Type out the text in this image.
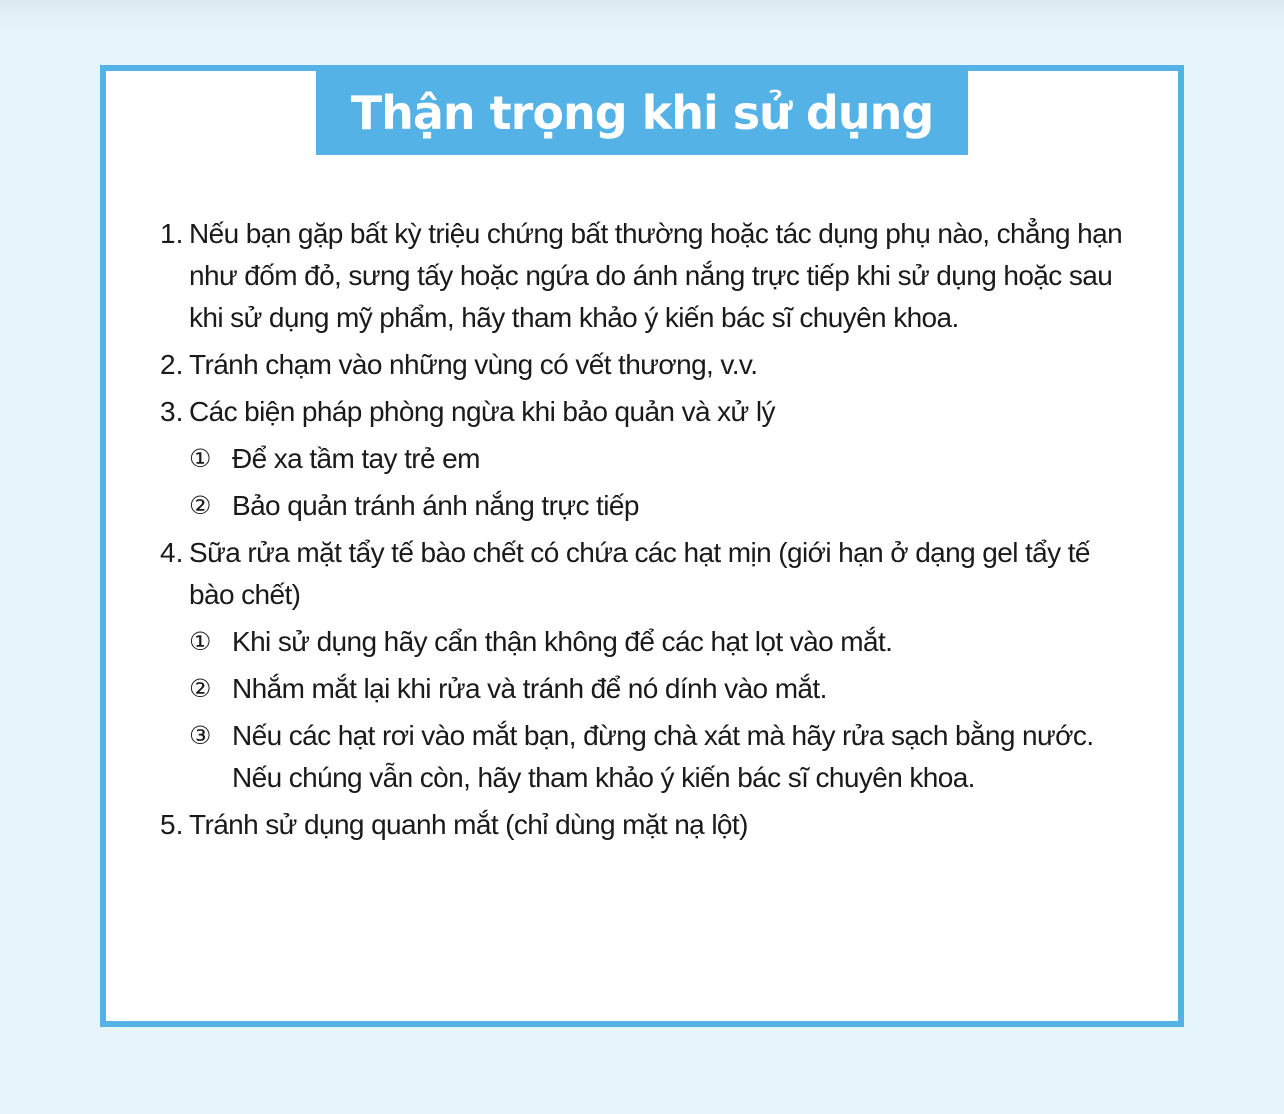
Thận trọng khi sử dụng
1. Nếu bạn gặp bất kỳ triệu chứng bất thường hoặc tác dụng phụ nào, chẳng hạn như đốm đỏ, sưng tấy hoặc ngứa do ánh nắng trực tiếp khi sử dụng hoặc sau khi sử dụng mỹ phẩm, hãy tham khảo ý kiến bác sĩ chuyên khoa.
2. Tránh chạm vào những vùng có vết thương, v.v.
3. Các biện pháp phòng ngừa khi bảo quản và xử lý
① Để xa tầm tay trẻ em
② Bảo quản tránh ánh nắng trực tiếp
4. Sữa rửa mặt tẩy tế bào chết có chứa các hạt mịn (giới hạn ở dạng gel tẩy tế bào chết)
① Khi sử dụng hãy cẩn thận không để các hạt lọt vào mắt.
② Nhắm mắt lại khi rửa và tránh để nó dính vào mắt.
③ Nếu các hạt rơi vào mắt bạn, đừng chà xát mà hãy rửa sạch bằng nước. Nếu chúng vẫn còn, hãy tham khảo ý kiến bác sĩ chuyên khoa.
5. Tránh sử dụng quanh mắt (chỉ dùng mặt nạ lột)
